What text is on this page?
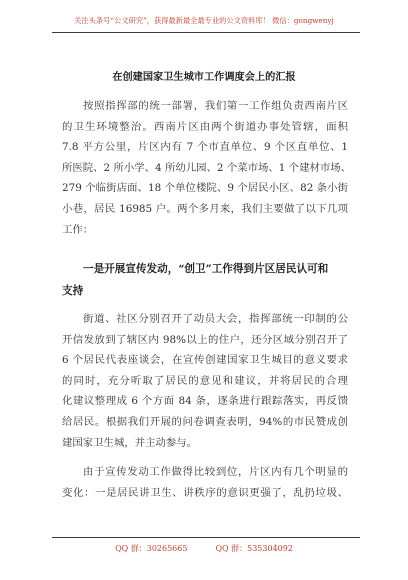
关注头条号“公文研究”，获得最新最全最专业的公文资料库！ 微信：gongwenyj
在创建国家卫生城市工作调度会上的汇报
按照指挥部的统一部署，我们第一工作组负责西南片区
的卫生环境整治。西南片区由两个街道办事处管辖，面积
7.8 平方公里，片区内有 7 个市直单位、9 个区直单位、1
所医院、2 所小学、4 所幼儿园、2 个菜市场、1 个建材市场、
279 个临街店面、18 个单位楼院、9 个居民小区、82 条小街
小巷，居民 16985 户。两个多月来，我们主要做了以下几项
工作：
一是开展宣传发动，“创卫”工作得到片区居民认可和
支持
街道、社区分别召开了动员大会，指挥部统一印制的公
开信发放到了辖区内 98%以上的住户，还分区域分别召开了
6 个居民代表座谈会，在宣传创建国家卫生城目的意义要求
的同时，充分听取了居民的意见和建议，并将居民的合理
化建议整理成 6 个方面 84 条，逐条进行跟踪落实，再反馈
给居民。根据我们开展的问卷调查表明，94%的市民赞成创
建国家卫生城，并主动参与。
由于宣传发动工作做得比较到位，片区内有几个明显的
变化：一是居民讲卫生、讲秩序的意识更强了，乱扔垃圾、
QQ 群：30265665	QQ 群：535304092
